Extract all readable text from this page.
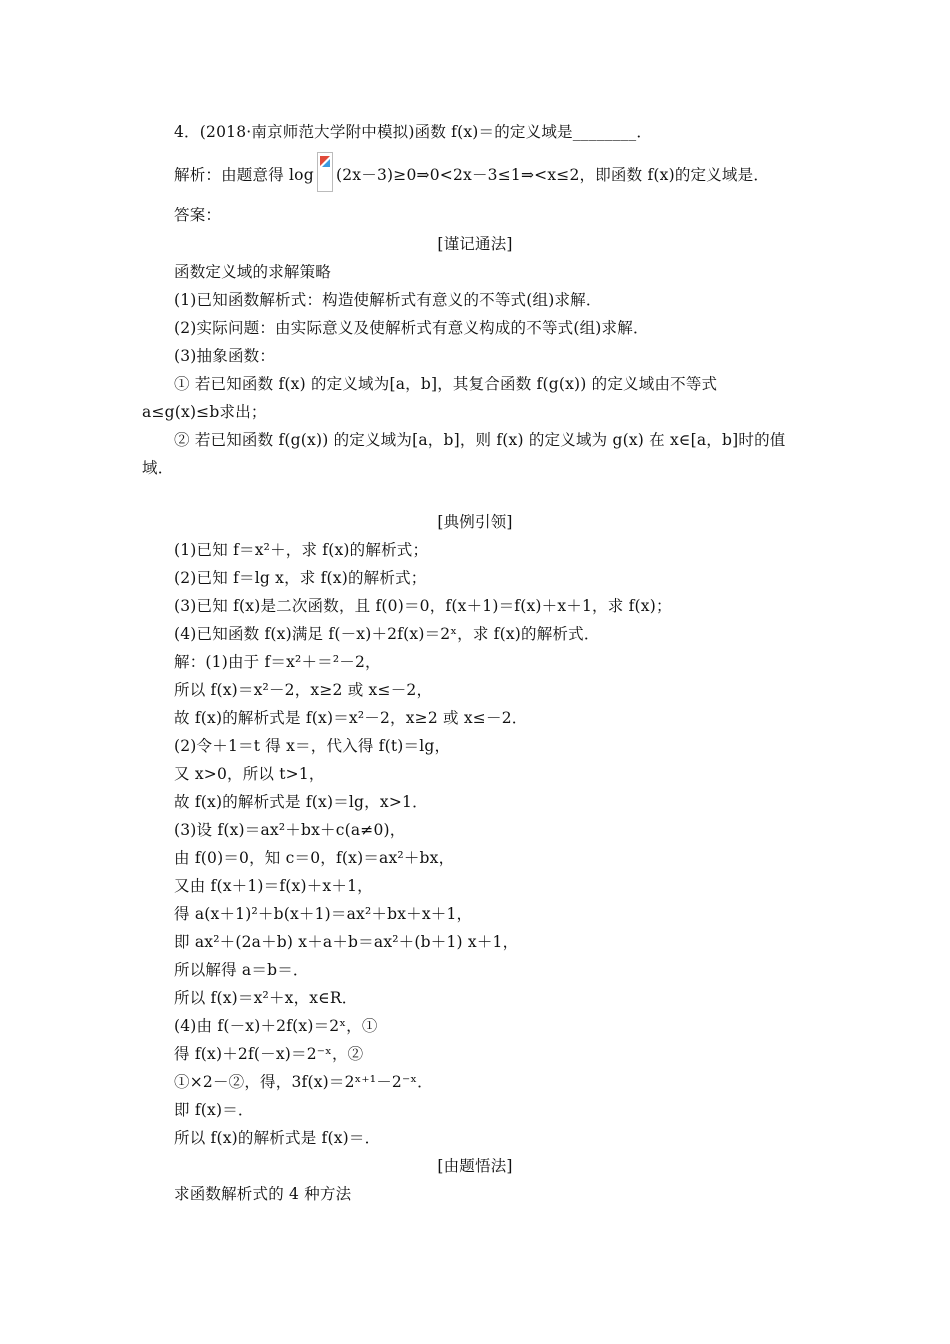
4．(2018·南京师范大学附中模拟)函数 f(x)＝的定义域是________．
解析：由题意得 log (2x－3)≥0⇒0<2x－3≤1⇒<x≤2，即函数 f(x)的定义域是．
答案：
[谨记通法]
函数定义域的求解策略
(1)已知函数解析式：构造使解析式有意义的不等式(组)求解．
(2)实际问题：由实际意义及使解析式有意义构成的不等式(组)求解．
(3)抽象函数：
① 若已知函数 f(x) 的定义域为[a，b]，其复合函数 f(g(x)) 的定义域由不等式
a≤g(x)≤b求出；
② 若已知函数 f(g(x)) 的定义域为[a，b]，则 f(x) 的定义域为 g(x) 在 x∈[a，b]时的值
域．
[典例引领]
(1)已知 f＝x²＋，求 f(x)的解析式；
(2)已知 f＝lg x，求 f(x)的解析式；
(3)已知 f(x)是二次函数，且 f(0)＝0，f(x＋1)＝f(x)＋x＋1，求 f(x)；
(4)已知函数 f(x)满足 f(－x)＋2f(x)＝2ˣ，求 f(x)的解析式．
解：(1)由于 f＝x²＋＝²－2，
所以 f(x)＝x²－2，x≥2 或 x≤－2，
故 f(x)的解析式是 f(x)＝x²－2，x≥2 或 x≤－2．
(2)令＋1＝t 得 x＝，代入得 f(t)＝lg，
又 x>0，所以 t>1，
故 f(x)的解析式是 f(x)＝lg，x>1．
(3)设 f(x)＝ax²＋bx＋c(a≠0)，
由 f(0)＝0，知 c＝0，f(x)＝ax²＋bx，
又由 f(x＋1)＝f(x)＋x＋1，
得 a(x＋1)²＋b(x＋1)＝ax²＋bx＋x＋1，
即 ax²＋(2a＋b) x＋a＋b＝ax²＋(b＋1) x＋1，
所以解得 a＝b＝．
所以 f(x)＝x²＋x，x∈R．
(4)由 f(－x)＋2f(x)＝2ˣ，①
得 f(x)＋2f(－x)＝2⁻ˣ，②
①×2－②，得，3f(x)＝2ˣ⁺¹－2⁻ˣ．
即 f(x)＝．
所以 f(x)的解析式是 f(x)＝．
[由题悟法]
求函数解析式的 4 种方法
